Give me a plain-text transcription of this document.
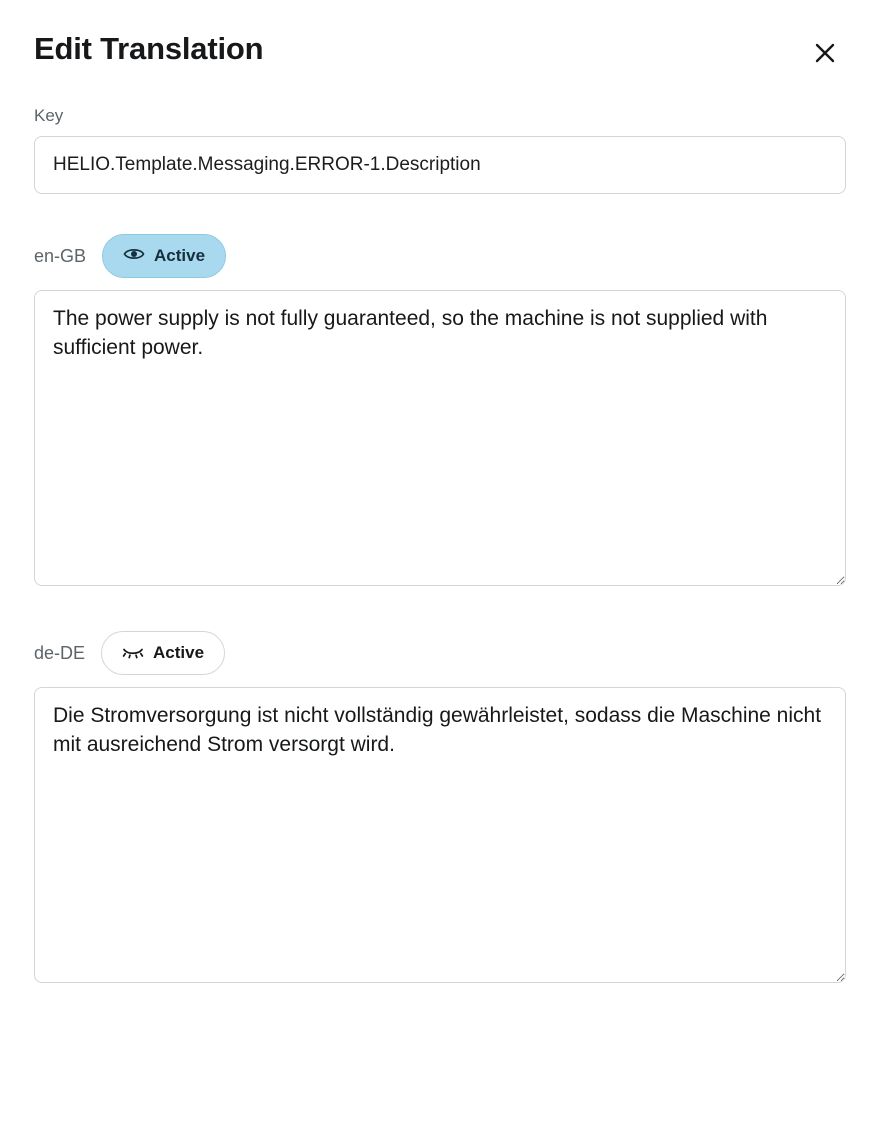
Edit Translation
Key
HELIO.Template.Messaging.ERROR-1.Description
en-GB	Active
The power supply is not fully guaranteed, so the machine is not supplied with sufficient power.
de-DE	Active
Die Stromversorgung ist nicht vollständig gewährleistet, sodass die Maschine nicht mit ausreichend Strom versorgt wird.
